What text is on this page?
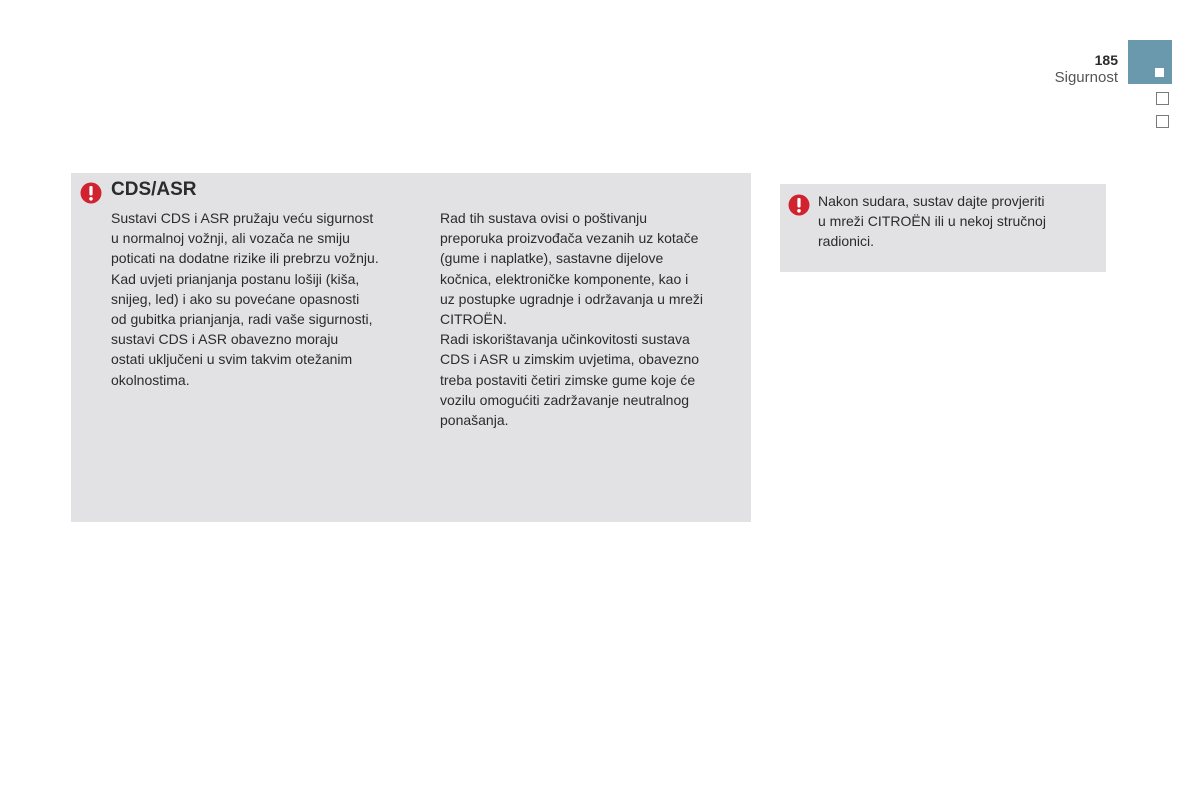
185
Sigurnost
CDS/ASR
Sustavi CDS i ASR pružaju veću sigurnost
u normalnoj vožnji, ali vozača ne smiju
poticati na dodatne rizike ili prebrzu vožnju.
Kad uvjeti prianjanja postanu lošiji (kiša,
snijeg, led) i ako su povećane opasnosti
od gubitka prianjanja, radi vaše sigurnosti,
sustavi CDS i ASR obavezno moraju
ostati uključeni u svim takvim otežanim
okolnostima.
Rad tih sustava ovisi o poštivanju
preporuka proizvođača vezanih uz kotače
(gume i naplatke), sastavne dijelove
kočnica, elektroničke komponente, kao i
uz postupke ugradnje i održavanja u mreži
CITROËN.
Radi iskorištavanja učinkovitosti sustava
CDS i ASR u zimskim uvjetima, obavezno
treba postaviti četiri zimske gume koje će
vozilu omogućiti zadržavanje neutralnog
ponašanja.
Nakon sudara, sustav dajte provjeriti
u mreži CITROËN ili u nekoj stručnoj
radionici.
